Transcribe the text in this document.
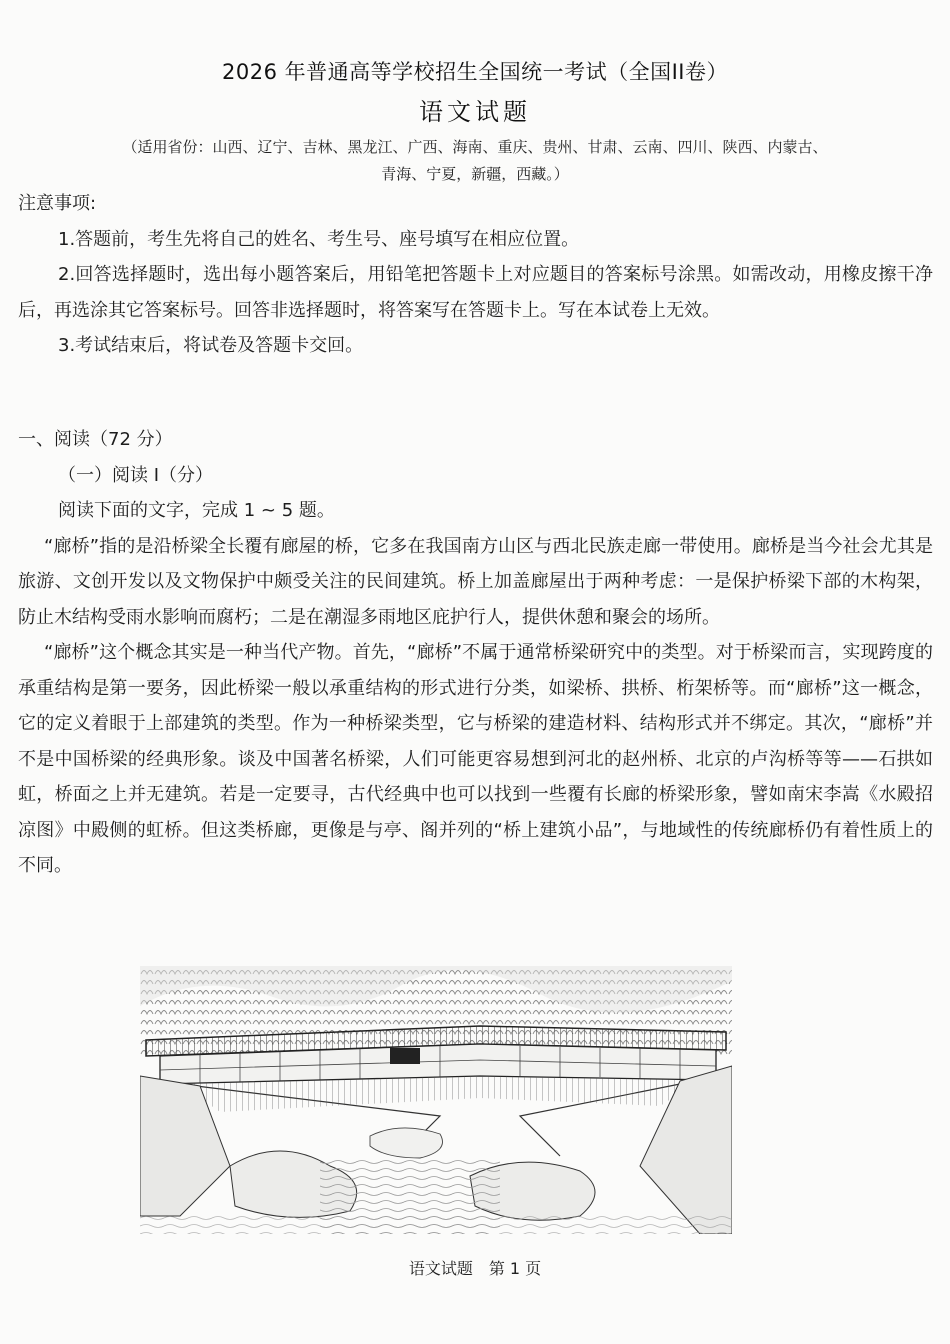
2026 年普通高等学校招生全国统一考试（全国II卷）
语文试题
（适用省份：山西、辽宁、吉林、黑龙江、广西、海南、重庆、贵州、甘肃、云南、四川、陕西、内蒙古、
青海、宁夏，新疆，西藏。）

注意事项:

1.答题前，考生先将自己的姓名、考生号、座号填写在相应位置。

2.回答选择题时，选出每小题答案后，用铅笔把答题卡上对应题目的答案标号涂黑。如需改动，用橡皮擦干净后，再选涂其它答案标号。回答非选择题时，将答案写在答题卡上。写在本试卷上无效。

3.考试结束后，将试卷及答题卡交回。

一、阅读（72 分）

（一）阅读 I（分）

阅读下面的文字，完成 1 ~ 5 题。

“廊桥”指的是沿桥梁全长覆有廊屋的桥，它多在我国南方山区与西北民族走廊一带使用。廊桥是当今社会尤其是旅游、文创开发以及文物保护中颇受关注的民间建筑。桥上加盖廊屋出于两种考虑：一是保护桥梁下部的木构架，防止木结构受雨水影响而腐朽；二是在潮湿多雨地区庇护行人，提供休憩和聚会的场所。

“廊桥”这个概念其实是一种当代产物。首先，“廊桥”不属于通常桥梁研究中的类型。对于桥梁而言，实现跨度的承重结构是第一要务，因此桥梁一般以承重结构的形式进行分类，如梁桥、拱桥、桁架桥等。而“廊桥”这一概念，它的定义着眼于上部建筑的类型。作为一种桥梁类型，它与桥梁的建造材料、结构形式并不绑定。其次，“廊桥”并不是中国桥梁的经典形象。谈及中国著名桥梁，人们可能更容易想到河北的赵州桥、北京的卢沟桥等等——石拱如虹，桥面之上并无建筑。若是一定要寻，古代经典中也可以找到一些覆有长廊的桥梁形象，譬如南宋李嵩《水殿招凉图》中殿侧的虹桥。但这类桥廊，更像是与亭、阁并列的“桥上建筑小品”，与地域性的传统廊桥仍有着性质上的不同。

语文试题　第 1 页
